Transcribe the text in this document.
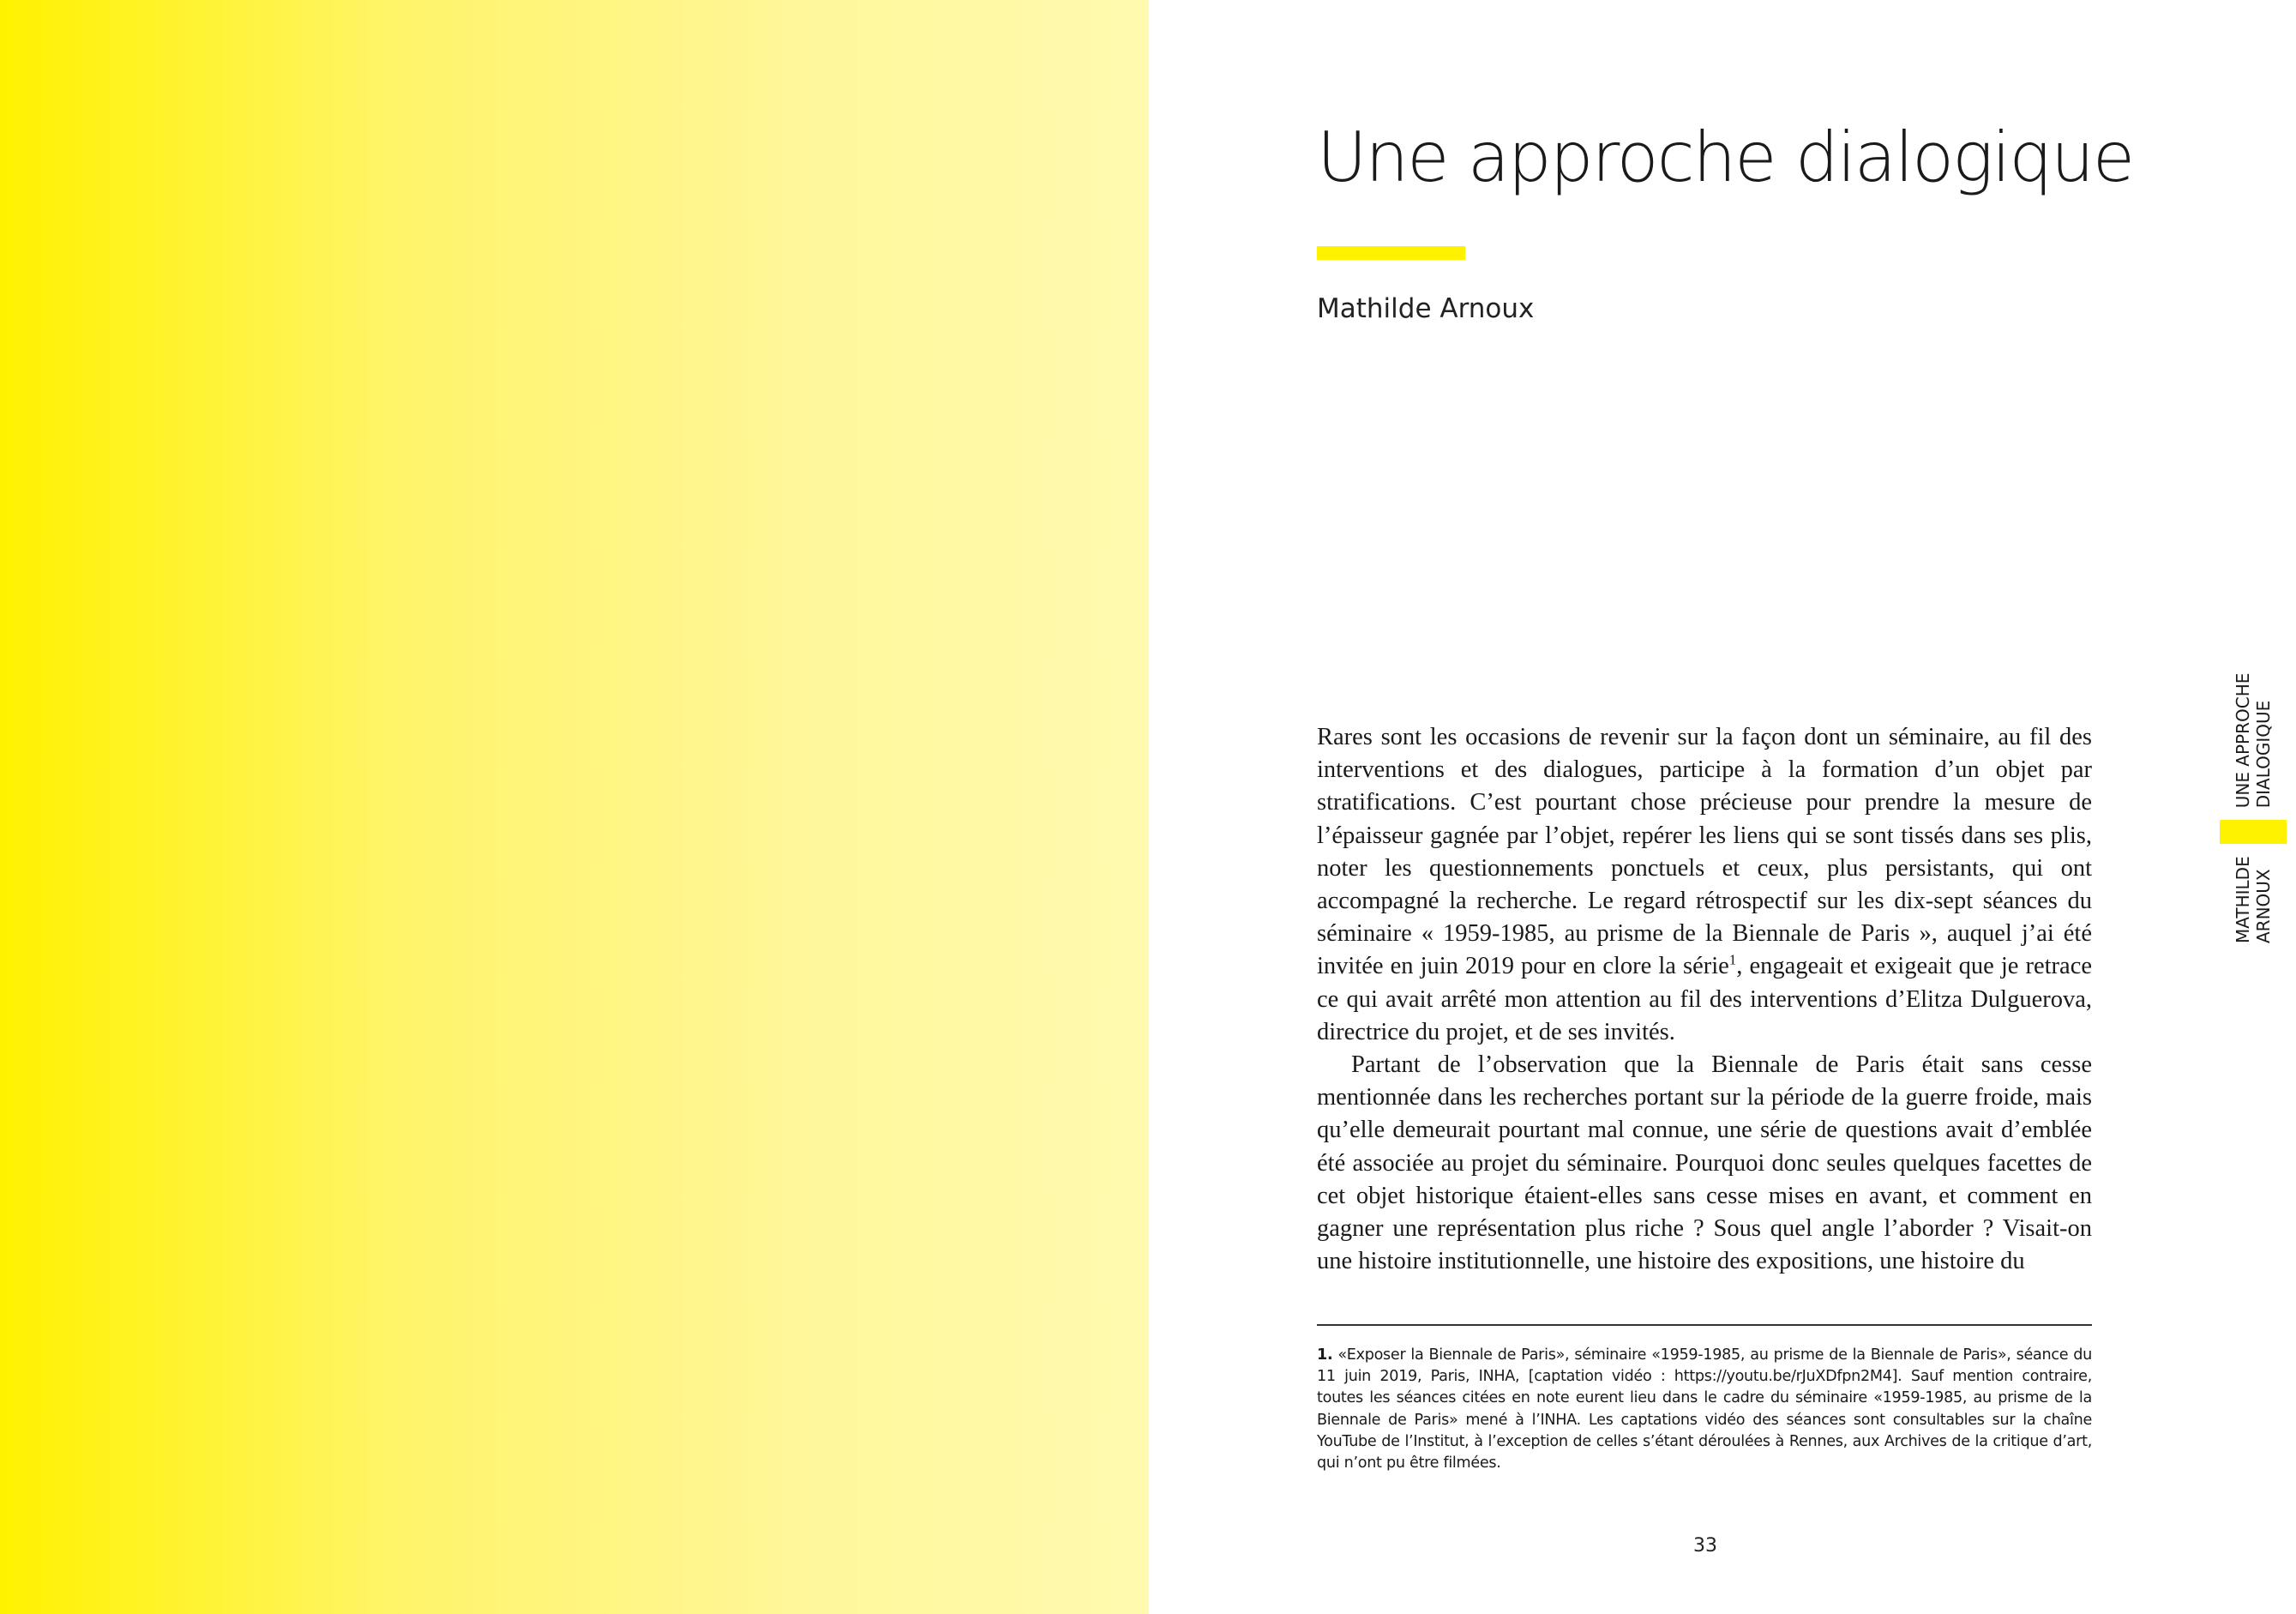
Une approche dialogique
Mathilde Arnoux

Rares sont les occasions de revenir sur la façon dont un séminaire, au fil des interventions et des dialogues, participe à la formation d’un objet par stratifications. C’est pourtant chose précieuse pour prendre la mesure de l’épaisseur gagnée par l’objet, repérer les liens qui se sont tissés dans ses plis, noter les questionnements ponctuels et ceux, plus persistants, qui ont accompagné la recherche. Le regard rétrospectif sur les dix-sept séances du séminaire « 1959-1985, au prisme de la Biennale de Paris », auquel j’ai été invitée en juin 2019 pour en clore la série$^1$, engageait et exigeait que je retrace ce qui avait arrêté mon attention au fil des interventions d’Elitza Dulguerova, directrice du projet, et de ses invités.

Partant de l’observation que la Biennale de Paris était sans cesse mentionnée dans les recherches portant sur la période de la guerre froide, mais qu’elle demeurait pourtant mal connue, une série de questions avait d’emblée été associée au projet du séminaire. Pourquoi donc seules quelques facettes de cet objet historique étaient-elles sans cesse mises en avant, et comment en gagner une représentation plus riche ? Sous quel angle l’aborder ? Visait-on une histoire institutionnelle, une histoire des expositions, une histoire du

1. «Exposer la Biennale de Paris», séminaire «1959-1985, au prisme de la Biennale de Paris», séance du 11 juin 2019, Paris, INHA, [captation vidéo : https://youtu.be/rJuXDfpn2M4]. Sauf mention contraire, toutes les séances citées en note eurent lieu dans le cadre du séminaire «1959-1985, au prisme de la Biennale de Paris» mené à l’INHA. Les captations vidéo des séances sont consultables sur la chaîne YouTube de l’Institut, à l’exception de celles s’étant déroulées à Rennes, aux Archives de la critique d’art, qui n’ont pu être filmées.
33
MATHILDE ARNOUX
UNE APPROCHE DIALOGIQUE
